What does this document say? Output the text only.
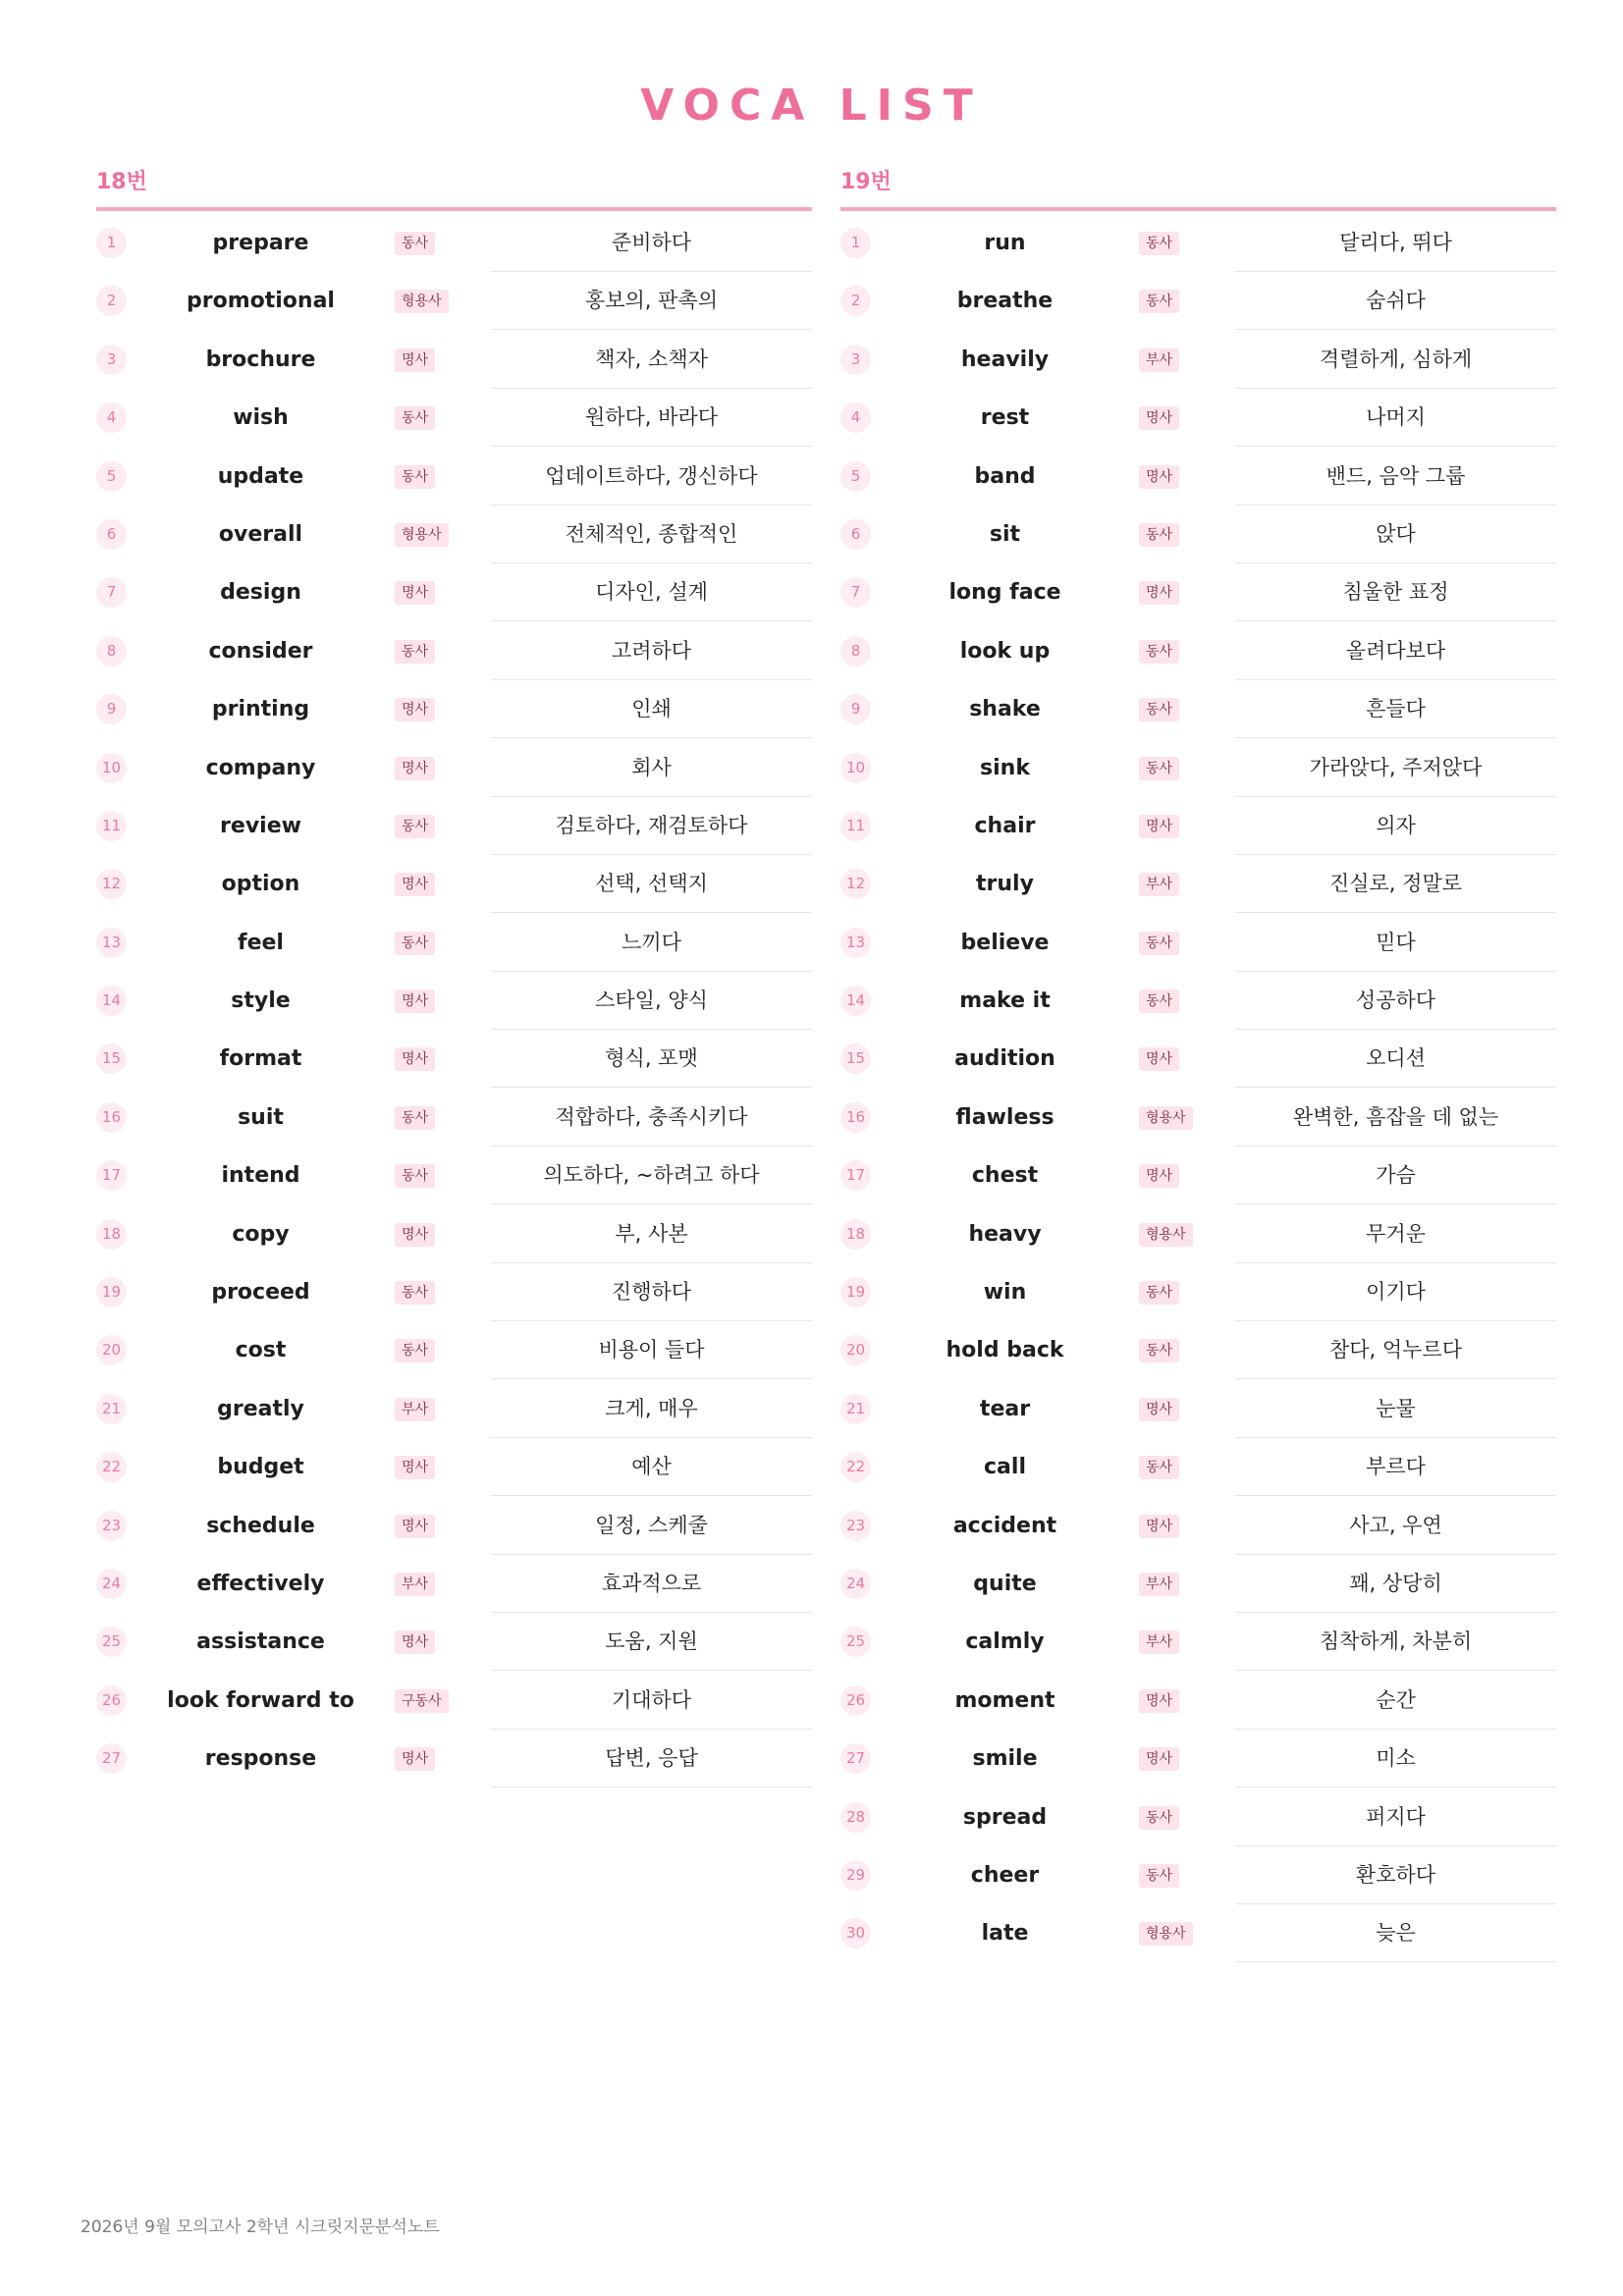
VOCA LIST
18번
1	prepare	동사	준비하다
2	promotional	형용사	홍보의, 판촉의
3	brochure	명사	책자, 소책자
4	wish	동사	원하다, 바라다
5	update	동사	업데이트하다, 갱신하다
6	overall	형용사	전체적인, 종합적인
7	design	명사	디자인, 설계
8	consider	동사	고려하다
9	printing	명사	인쇄
10	company	명사	회사
11	review	동사	검토하다, 재검토하다
12	option	명사	선택, 선택지
13	feel	동사	느끼다
14	style	명사	스타일, 양식
15	format	명사	형식, 포맷
16	suit	동사	적합하다, 충족시키다
17	intend	동사	의도하다, ~하려고 하다
18	copy	명사	부, 사본
19	proceed	동사	진행하다
20	cost	동사	비용이 들다
21	greatly	부사	크게, 매우
22	budget	명사	예산
23	schedule	명사	일정, 스케줄
24	effectively	부사	효과적으로
25	assistance	명사	도움, 지원
26	look forward to	구동사	기대하다
27	response	명사	답변, 응답
19번
1	run	동사	달리다, 뛰다
2	breathe	동사	숨쉬다
3	heavily	부사	격렬하게, 심하게
4	rest	명사	나머지
5	band	명사	밴드, 음악 그룹
6	sit	동사	앉다
7	long face	명사	침울한 표정
8	look up	동사	올려다보다
9	shake	동사	흔들다
10	sink	동사	가라앉다, 주저앉다
11	chair	명사	의자
12	truly	부사	진실로, 정말로
13	believe	동사	믿다
14	make it	동사	성공하다
15	audition	명사	오디션
16	flawless	형용사	완벽한, 흠잡을 데 없는
17	chest	명사	가슴
18	heavy	형용사	무거운
19	win	동사	이기다
20	hold back	동사	참다, 억누르다
21	tear	명사	눈물
22	call	동사	부르다
23	accident	명사	사고, 우연
24	quite	부사	꽤, 상당히
25	calmly	부사	침착하게, 차분히
26	moment	명사	순간
27	smile	명사	미소
28	spread	동사	퍼지다
29	cheer	동사	환호하다
30	late	형용사	늦은
2026년 9월 모의고사 2학년 시크릿지문분석노트
